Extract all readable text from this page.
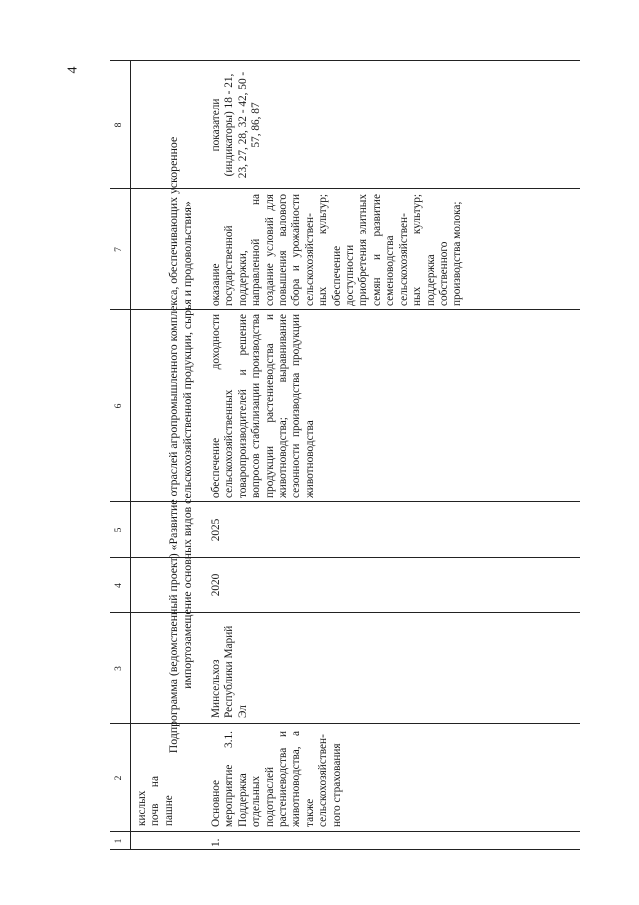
4
1
2
3
4
5
6
7
8
кислых почв на пашне
Подпрограмма (ведомственный проект) «Развитие отраслей агропромышленного комплекса, обеспечивающих ускоренное импортозамещение основных видов сельскохозяйственной продукции, сырья и продовольствия»
1.
Основное мероприятие 3.1. Поддержка отдельных подотраслей растениеводства и животноводства, а также сельскохозяйствен-ного страхования
Минсельхоз Республики Марий Эл
2020
2025
обеспечение доходности сельскохозяйственных товаропроизводителей и решение вопросов стабилизации производства продукции растениеводства и животноводства; выравнивание сезонности производства продукции животноводства
оказание государственной поддержки, направленной на создание условий для повышения валового сбора и урожайности сельскохозяйствен-ных культур; обеспечение доступности приобретения элитных семян и развитие семеноводства сельскохозяйствен-ных культур; поддержка собственного производства молока;
показатели (индикаторы) 18 - 21, 23, 27, 28, 32 - 42, 50 - 57, 86, 87
